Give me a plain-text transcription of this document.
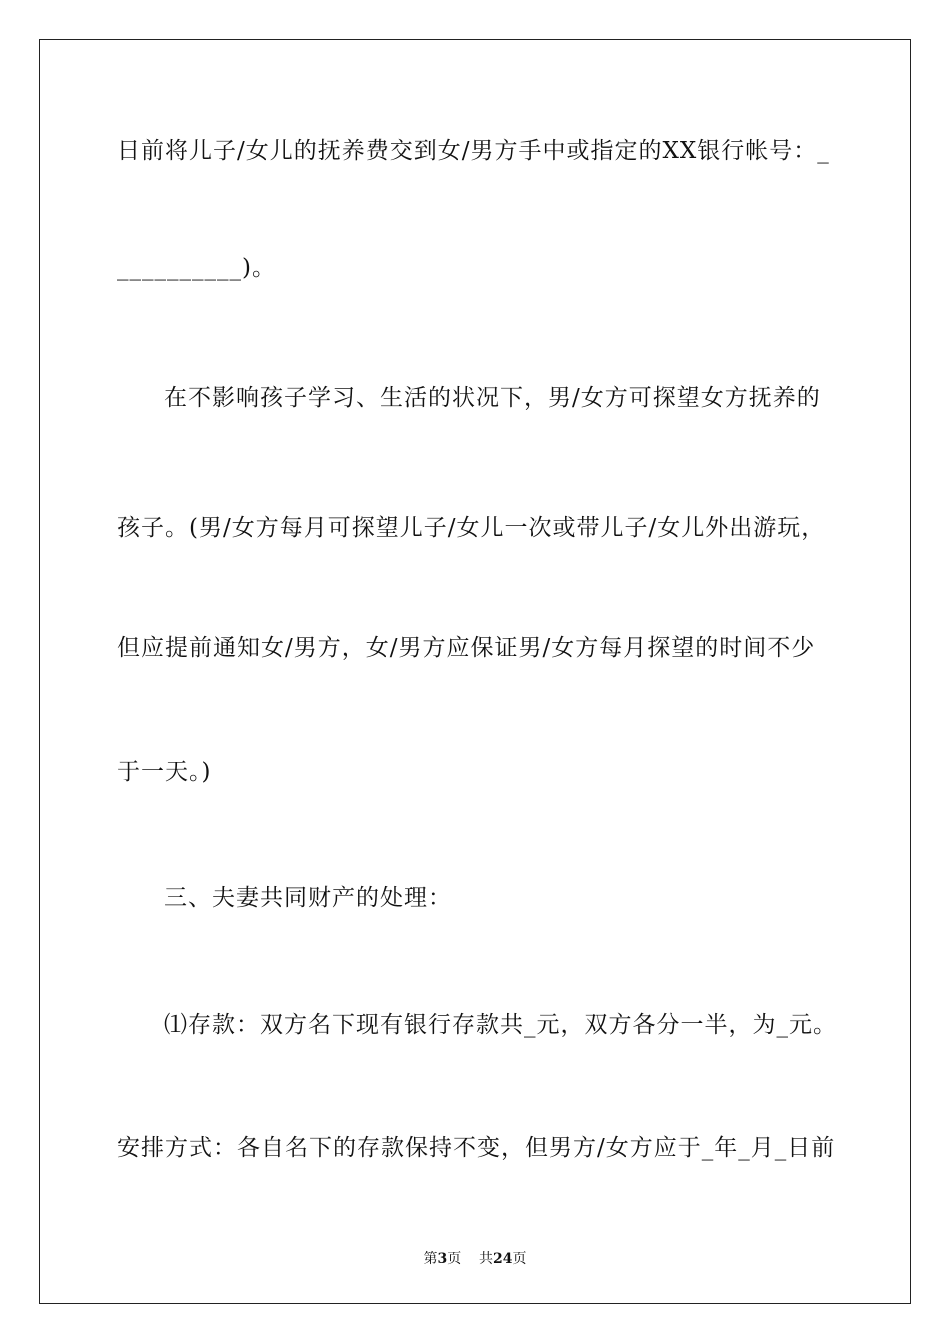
日前将儿子/女儿的抚养费交到女/男方手中或指定的XX银行帐号：_
__________)。
在不影响孩子学习、生活的状况下，男/女方可探望女方抚养的
孩子。(男/女方每月可探望儿子/女儿一次或带儿子/女儿外出游玩，
但应提前通知女/男方，女/男方应保证男/女方每月探望的时间不少
于一天。)
三、夫妻共同财产的处理：
⑴存款：双方名下现有银行存款共_元，双方各分一半，为_元。
安排方式：各自名下的存款保持不变，但男方/女方应于_年_月_日前
第3页 共24页
